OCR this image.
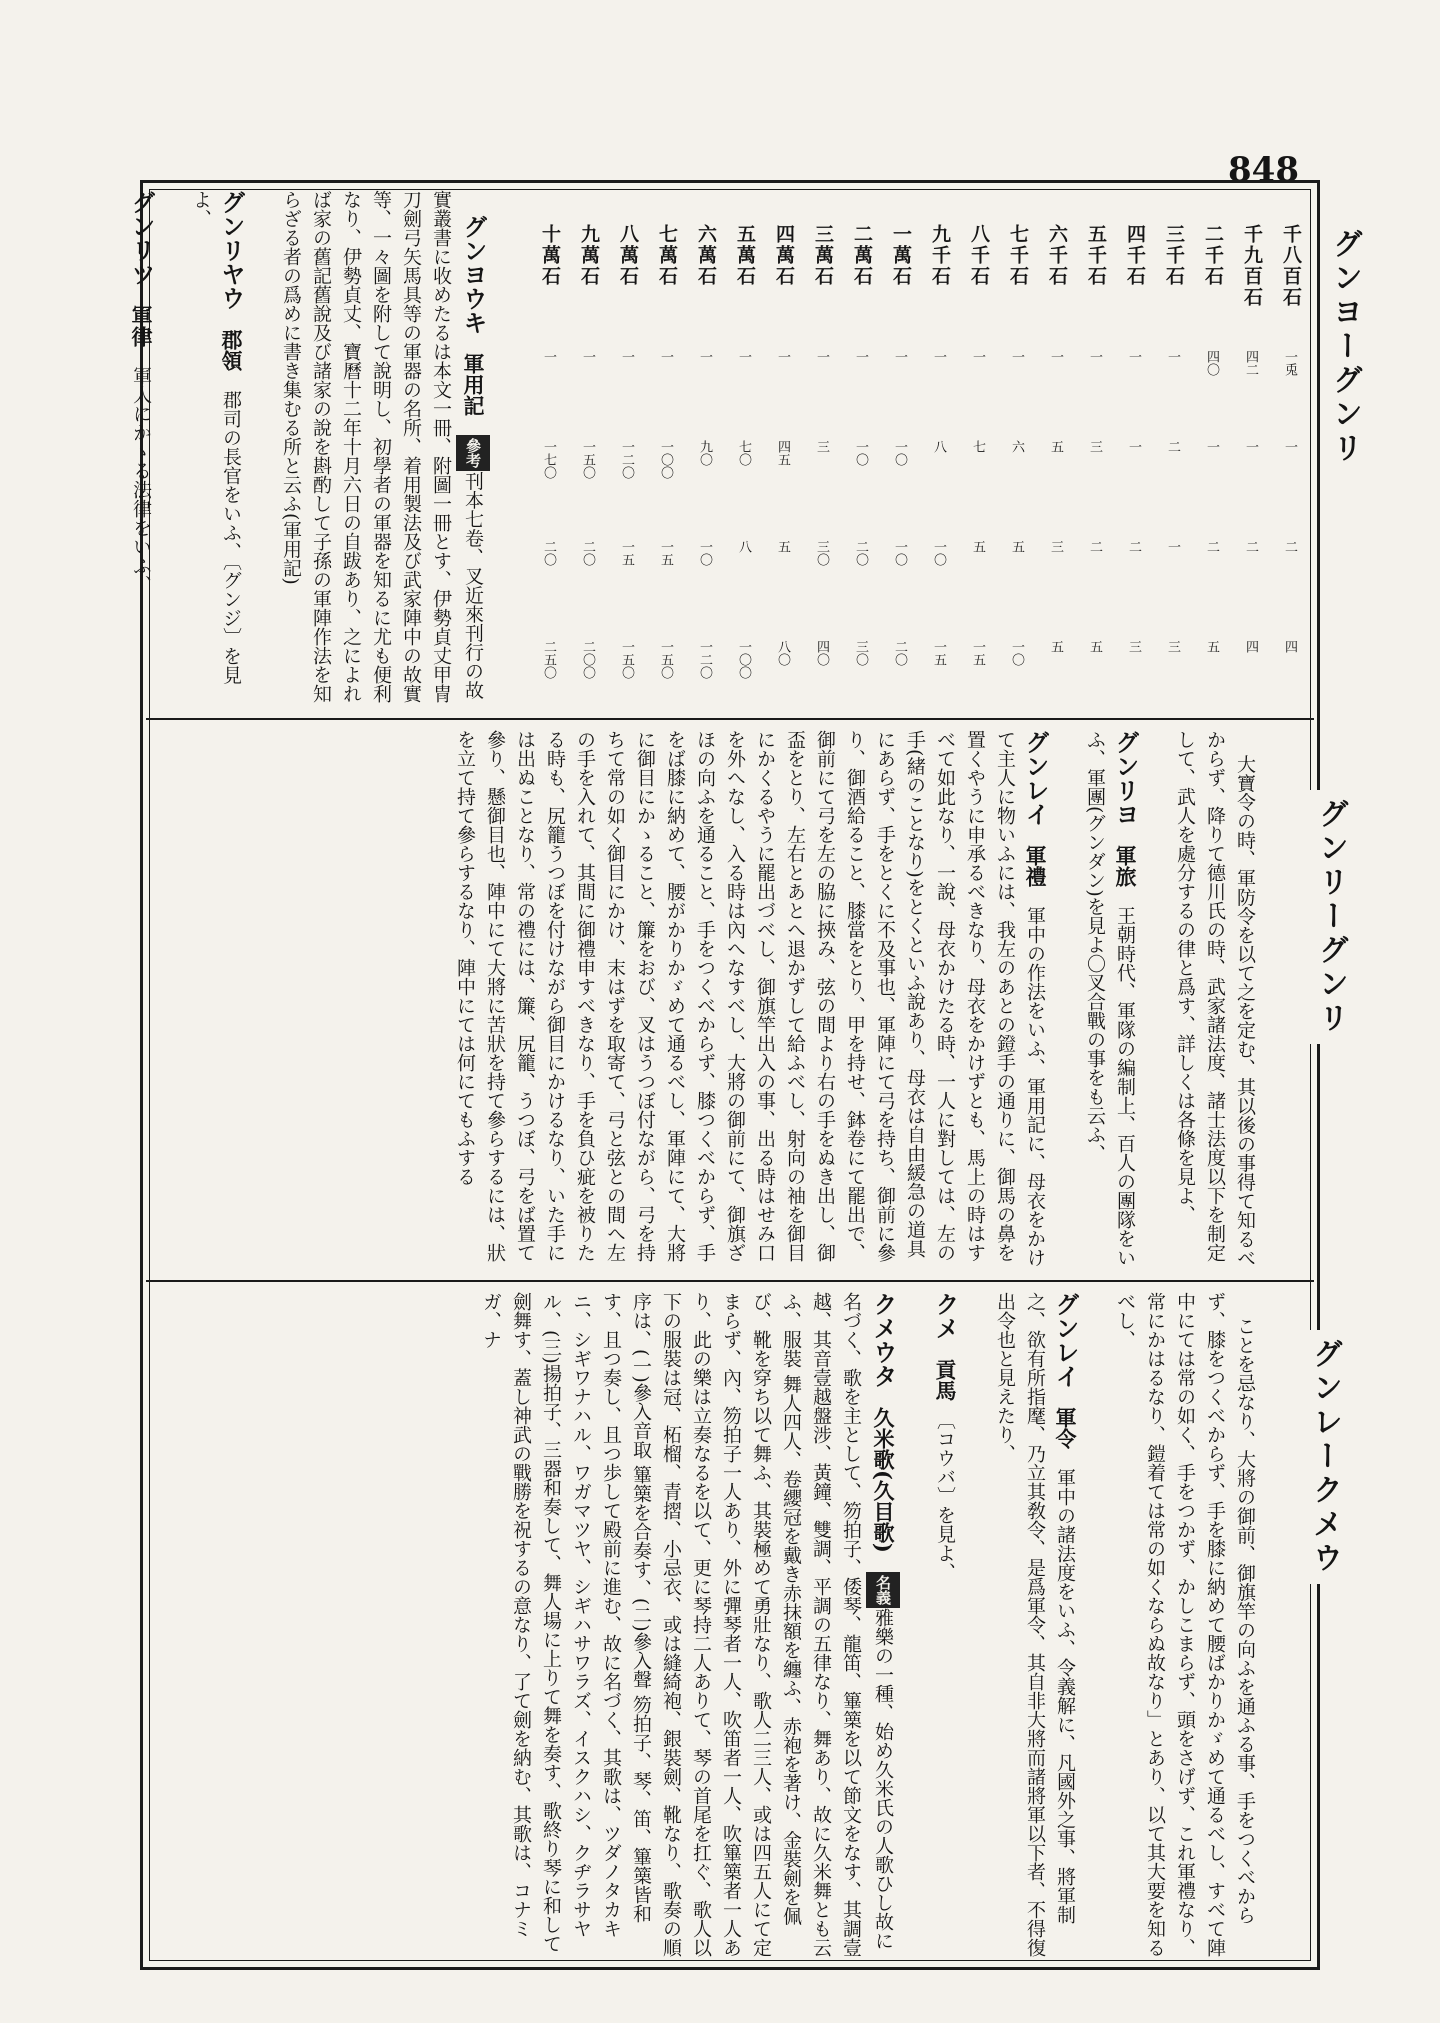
848
グンヨーグンリ
グンリーグンリ
グンレークメウ
千八百石
一兎
一
二
四
千九百石
四二
一
二
四
二千石
四〇
一
二
五
三千石
一
二
一
三
四千石
一
一
二
三
五千石
一
三
二
五
六千石
一
五
三
五
七千石
一
六
五
一〇
八千石
一
七
五
一五
九千石
一
八
一〇
一五
一萬石
一
一〇
一〇
二〇
二萬石
一
一〇
二〇
三〇
三萬石
一
三
三〇
四〇
四萬石
一
四五
五
八〇
五萬石
一
七〇
八
一〇〇
六萬石
一
九〇
一〇
一二〇
七萬石
一
一〇〇
一五
一五〇
八萬石
一
一二〇
一五
一五〇
九萬石
一
一五〇
二〇
二〇〇
十萬石
一
一七〇
二〇
二五〇

グンヨウキ　軍用記　參考刊本七卷、叉近來刊行の故實叢書に收めたるは本文一冊、附圖一冊とす、伊勢貞丈甲冑刀劍弓矢馬具等の軍器の名所、着用製法及び武家陣中の故實等、一々圖を附して說明し、初學者の軍器を知るに尤も便利なり、伊勢貞丈、寶曆十二年十月六日の自跋あり、之によれば家の舊記舊說及び諸家の說を斟酌して子孫の軍陣作法を知らざる者の爲めに書き集むる所と云ふ(軍用記)

グンリヤウ　郡領　郡司の長官をいふ、〔グンジ〕を見よ、

グンリツ　軍律　軍人にかゝる法律をいふ、

大寶令の時、軍防令を以て之を定む、其以後の事得て知るべからず、降りて德川氏の時、武家諸法度、諸士法度以下を制定して、武人を處分するの律と爲す、詳しくは各條を見よ、

グンリヨ　軍旅　王朝時代、軍隊の編制上、百人の團隊をいふ、軍團(グンダン)を見よ〇叉合戰の事をも云ふ、

グンレイ　軍禮　軍中の作法をいふ、軍用記に、母衣をかけて主人に物いふには、我左のあとの鐙手の通りに、御馬の鼻を置くやうに申承るべきなり、母衣をかけずとも、馬上の時はすべて如此なり、一說、母衣かけたる時、一人に對しては、左の手(緒のことなり)をとくといふ說あり、母衣は自由緩急の道具にあらず、手をとくに不及事也、軍陣にて弓を持ち、御前に參り、御酒給ること、膝當をとり、甲を持せ、鉢卷にて罷出で、御前にて弓を左の脇に挾み、弦の間より右の手をぬき出し、御盃をとり、左右とあとへ退かずして給ふべし、射向の袖を御目にかくるやうに罷出づべし、御旗竿出入の事、出る時はせみ口を外へなし、入る時は內へなすべし、大將の御前にて、御旗ざほの向ふを通ること、手をつくべからず、膝つくべからず、手をば膝に納めて、腰がかりかゞめて通るべし、軍陣にて、大將に御目にかゝること、簾をおび、叉はうつぼ付ながら、弓を持ちて常の如く御目にかけ、末はずを取寄て、弓と弦との間へ左の手を入れて、其間に御禮申すべきなり、手を負ひ疵を被りたる時も、尻籠うつぼを付けながら御目にかけるなり、いた手には出ぬことなり、常の禮には、簾、尻籠、うつぼ、弓をば置て參り、懸御目也、陣中にて大將に苦狀を持て參らするには、狀を立て持て參らするなり、陣中にては何にてもふする

ことを忌なり、大將の御前、御旗竿の向ふを通ふる事、手をつくべからず、膝をつくべからず、手を膝に納めて腰ばかりかゞめて通るべし、すべて陣中にては常の如く、手をつかず、かしこまらず、頭をさげず、これ軍禮なり、常にかはるなり、鎧着ては常の如くならぬ故なり」とあり、以て其大要を知るべし、

グンレイ　軍令　軍中の諸法度をいふ、令義解に、凡國外之事、將軍制之、欲有所指麾、乃立其敎令、是爲軍令、其自非大將而諸將軍以下者、不得復出令也と見えたり、

クメ　貢馬　〔コウバ〕を見よ、

クメウタ　久米歌(久目歌)　名義雅樂の一種、始め久米氏の人歌ひし故に名づく、歌を主として、笏拍子、倭琴、龍笛、篳篥を以て節文をなす、其調壹越、其音壹越盤涉、黃鐘、雙調、平調の五律なり、舞あり、故に久米舞とも云ふ、服裝 舞人四人、卷纓冠を戴き赤抹額を纏ふ、赤袍を著け、金裝劍を佩び、靴を穿ち以て舞ふ、其裝極めて勇壯なり、歌人二三人、或は四五人にて定まらず、內、笏拍子一人あり、外に彈琴者一人、吹笛者一人、吹篳篥者一人あり、此の樂は立奏なるを以て、更に琴持二人ありて、琴の首尾を扛ぐ、歌人以下の服裝は冠、柘榴、青摺、小忌衣、或は縫綺袍、銀裝劍、靴なり、歌奏の順序は、(一)參入音取 篳篥を合奏す、(二)參入聲 笏拍子、琴、笛、篳篥皆和す、且つ奏し、且つ歩して殿前に進む、故に名づく、其歌は、ツダノタカキニ、シギワナハル、ワガマツヤ、シギハサワラズ、イスクハシ、クヂラサヤル、(三)揚拍子、三器和奏して、舞人場に上りて舞を奏す、歌終り琴に和して劍舞す、蓋し神武の戰勝を祝するの意なり、了て劍を納む、其歌は、コナミガ、ナ
